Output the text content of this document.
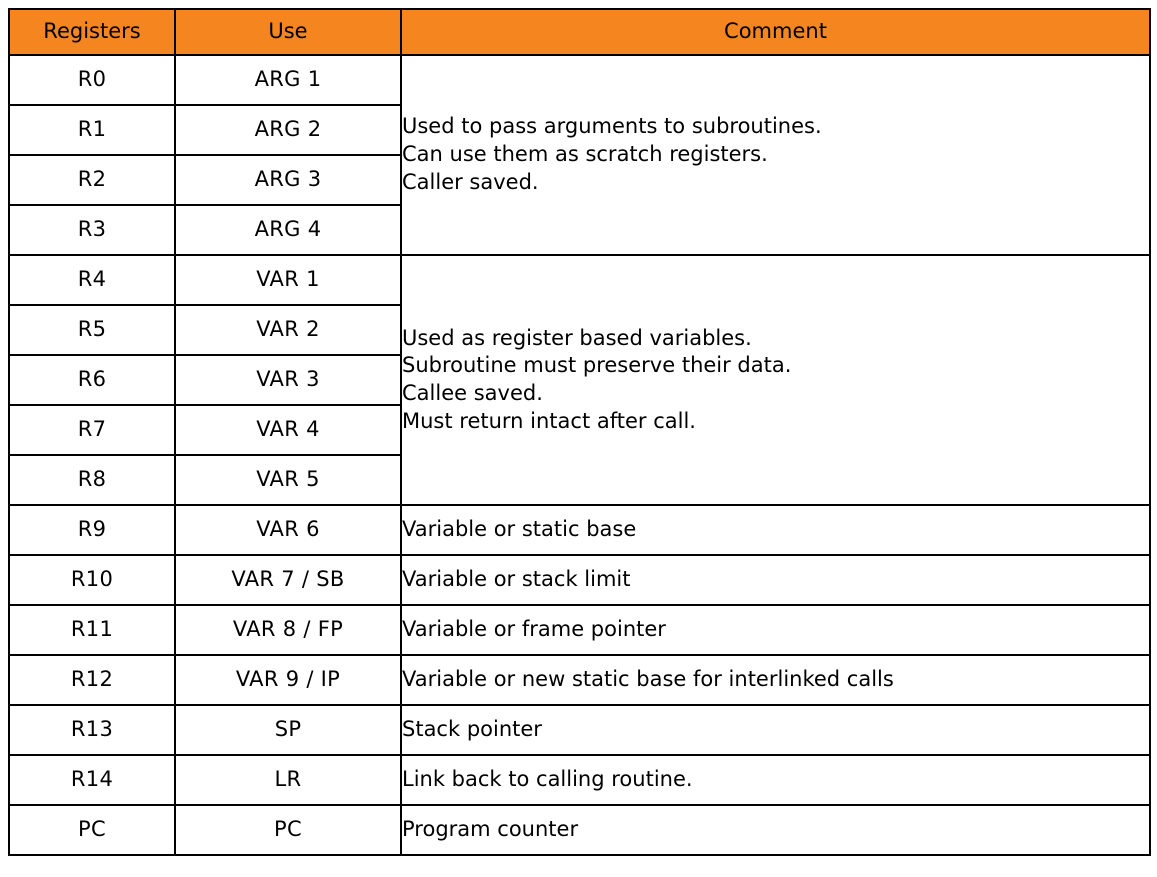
Registers	Use	Comment
R0	ARG 1	Used to pass arguments to subroutines.
Can use them as scratch registers.
Caller saved.

R1	ARG 2	
R2	ARG 3	
R3	ARG 4	
R4	VAR 1	Used as register based variables.
Subroutine must preserve their data.
Callee saved.
Must return intact after call.

R5	VAR 2	
R6	VAR 3	
R7	VAR 4	
R8	VAR 5	
R9	VAR 6	Variable or static base
R10	VAR 7 / SB	Variable or stack limit
R11	VAR 8 / FP	Variable or frame pointer
R12	VAR 9 / IP	Variable or new static base for interlinked calls
R13	SP	Stack pointer
R14	LR	Link back to calling routine.
PC	PC	Program counter
